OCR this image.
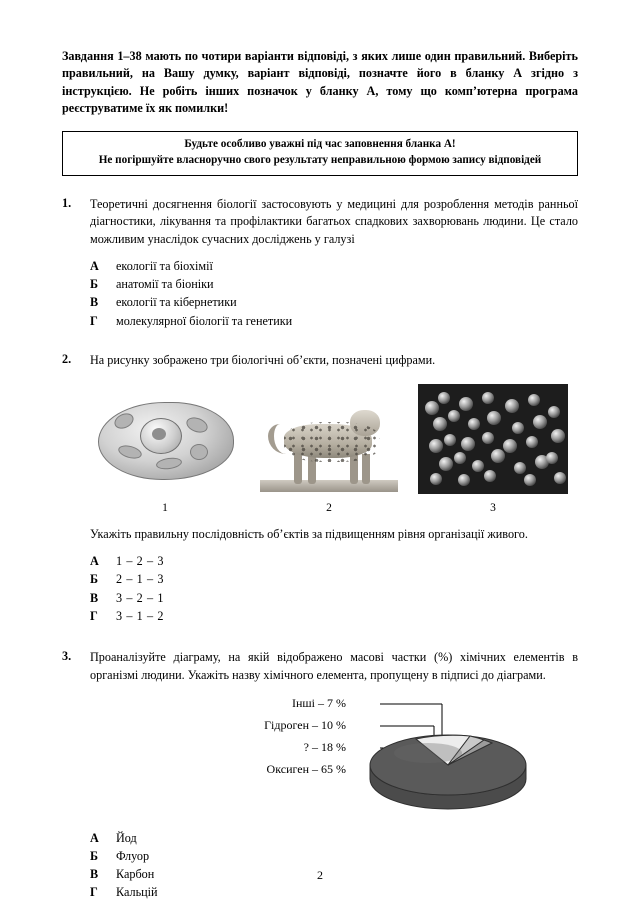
Завдання 1–38 мають по чотири варіанти відповіді, з яких лише один правильний. Виберіть правильний, на Вашу думку, варіант відповіді, позначте його в бланку А згідно з інструкцією. Не робіть інших позначок у бланку А, тому що комп’ютерна програма реєструватиме їх як помилки!

Будьте особливо уважні під час заповнення бланка А!
Не погіршуйте власноручно свого результату неправильною формою запису відповідей
1.	Теоретичні досягнення біології застосовують у медицині для розроблення методів ранньої діагностики, лікування та профілактики багатьох спадкових захворювань людини. Це стало можливим унаслідок сучасних досліджень у галузі

А	екології та біохімії
Б	анатомії та біоніки
В	екології та кібернетики
Г	молекулярної біології та генетики
2.	На рисунку зображено три біологічні об’єкти, позначені цифрами.

1	2	3

Укажіть правильну послідовність об’єктів за підвищенням рівня організації живого.

А	1 – 2 – 3
Б	2 – 1 – 3
В	3 – 2 – 1
Г	3 – 1 – 2
3.	Проаналізуйте діаграму, на якій відображено масові частки (%) хімічних елементів в організмі людини. Укажіть назву хімічного елемента, пропущену в підписі до діаграми.

Інші – 7 %
Гідроген – 10 %
? – 18 %
Оксиген – 65 %
А	Йод
Б	Флуор
В	Карбон
Г	Кальцій
2
